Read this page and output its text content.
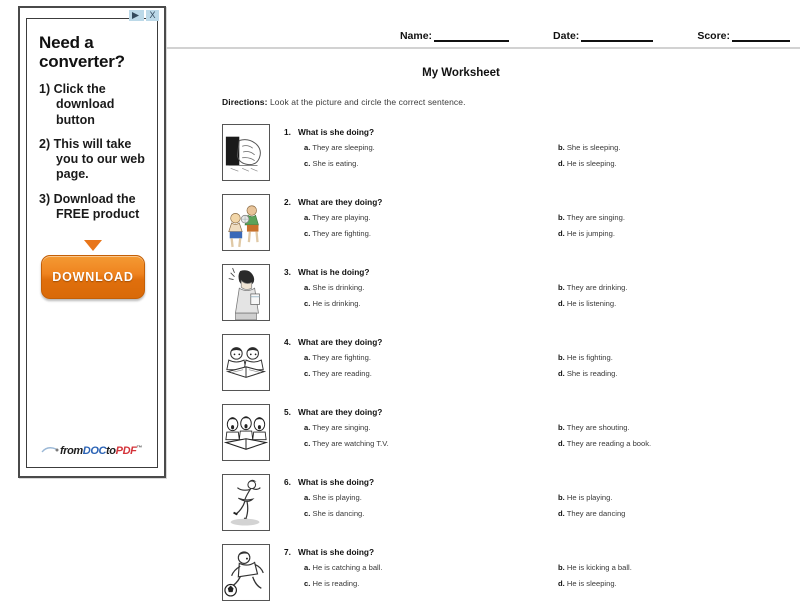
X
Need a converter?
1) Click the download button
2) This will take you to our web page.
3) Download the FREE product
DOWNLOAD
fromDOCtoPDF™
Name:	Date:	Score:
My Worksheet
Directions: Look at the picture and circle the correct sentence.
1. What is she doing?
a. They are sleeping.
c. She is eating.
b. She is sleeping.
d. He is sleeping.
2. What are they doing?
a. They are playing.
c. They are fighting.
b. They are singing.
d. He is jumping.
3. What is he doing?
a. She is drinking.
c. He is drinking.
b. They are drinking.
d. He is listening.
4. What are they doing?
a. They are fighting.
c. They are reading.
b. He is fighting.
d. She is reading.
5. What are they doing?
a. They are singing.
c. They are watching T.V.
b. They are shouting.
d. They are reading a book.
6. What is she doing?
a. She is playing.
c. She is dancing.
b. He is playing.
d. They are dancing
7. What is she doing?
a. He is catching a ball.
c. He is reading.
b. He is kicking a ball.
d. He is sleeping.
